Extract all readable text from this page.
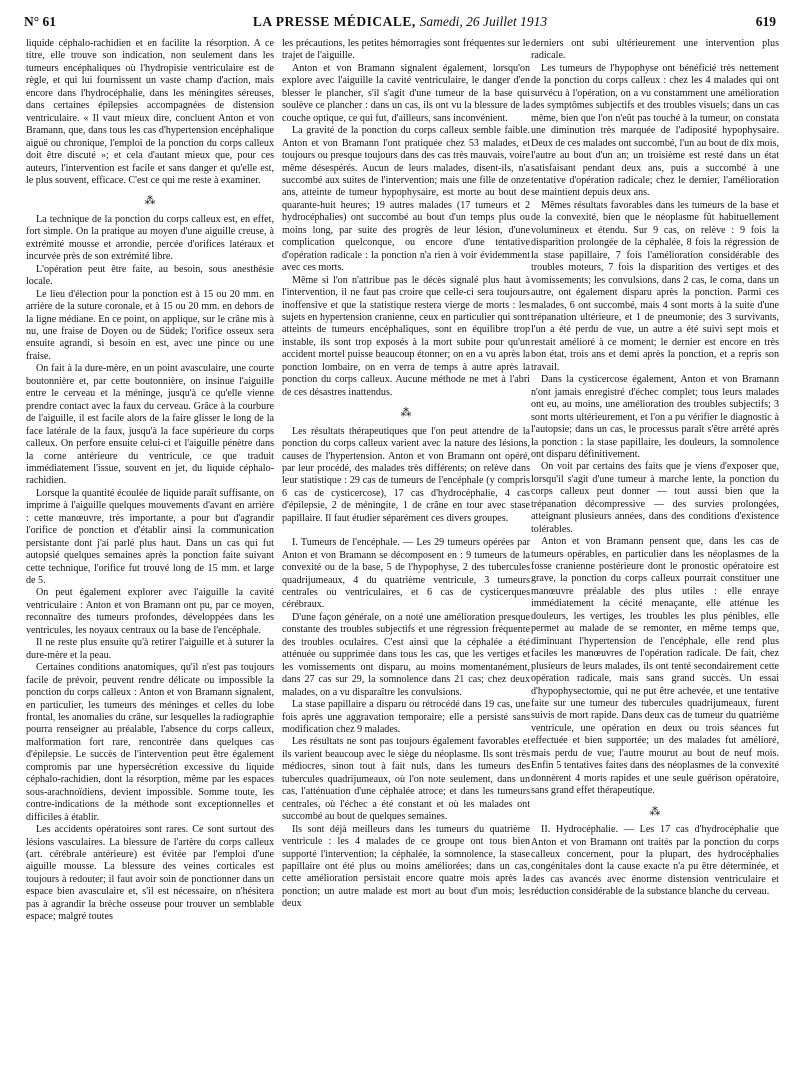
N° 61	LA PRESSE MÉDICALE, Samedi, 26 Juillet 1913	619

liquide céphalo-rachidien et en facilite la résorption. A ce titre, elle trouve son indication, non seulement dans les tumeurs encéphaliques où l'hydropisie ventriculaire est de règle, et qui lui fournissent un vaste champ d'action, mais encore dans l'hydrocéphalie, dans les méningites séreuses, dans certaines épilepsies accompagnées de distension ventriculaire. « Il vaut mieux dire, concluent Anton et von Bramann, que, dans tous les cas d'hypertension encéphalique aiguë ou chronique, l'emploi de la ponction du corps calleux doit être discuté »; et cela d'autant mieux que, pour ces auteurs, l'intervention est facile et sans danger et qu'elle est, le plus souvent, efficace. C'est ce qui me reste à examiner.

⁂

La technique de la ponction du corps calleux est, en effet, fort simple. On la pratique au moyen d'une aiguille creuse, à extrémité mousse et arrondie, percée d'orifices latéraux et incurvée près de son extrémité libre.

L'opération peut être faite, au besoin, sous anesthésie locale.

Le lieu d'élection pour la ponction est à 15 ou 20 mm. en arrière de la suture coronale, et à 15 ou 20 mm. en dehors de la ligne médiane. En ce point, on applique, sur le crâne mis à nu, une fraise de Doyen ou de Südek; l'orifice osseux sera ensuite agrandi, si besoin en est, avec une pince ou une fraise.

On fait à la dure-mère, en un point avasculaire, une courte boutonnière et, par cette boutonnière, on insinue l'aiguille entre le cerveau et la méninge, jusqu'à ce qu'elle vienne prendre contact avec la faux du cerveau. Grâce à la courbure de l'aiguille, il est facile alors de la faire glisser le long de la face latérale de la faux, jusqu'à la face supérieure du corps calleux. On perfore ensuite celui-ci et l'aiguille pénètre dans la corne antérieure du ventricule, ce que traduit immédiatement l'issue, souvent en jet, du liquide céphalo-rachidien.

Lorsque la quantité écoulée de liquide paraît suffisante, on imprime à l'aiguille quelques mouvements d'avant en arrière : cette manœuvre, très importante, a pour but d'agrandir l'orifice de ponction et d'établir ainsi la communication persistante dont j'ai parlé plus haut. Dans un cas qui fut autopsié quelques semaines après la ponction faite suivant cette technique, l'orifice fut trouvé long de 15 mm. et large de 5.

On peut également explorer avec l'aiguille la cavité ventriculaire : Anton et von Bramann ont pu, par ce moyen, reconnaître des tumeurs profondes, développées dans les ventricules, les noyaux centraux ou la base de l'encéphale.

Il ne reste plus ensuite qu'à retirer l'aiguille et à suturer la dure-mère et la peau.

Certaines conditions anatomiques, qu'il n'est pas toujours facile de prévoir, peuvent rendre délicate ou impossible la ponction du corps calleux : Anton et von Bramann signalent, en particulier, les tumeurs des méninges et celles du lobe frontal, les anomalies du crâne, sur lesquelles la radiographie pourra renseigner au préalable, l'absence du corps calleux, malformation fort rare, rencontrée dans quelques cas d'épilepsie. Le succès de l'intervention peut être également compromis par une hypersécrétion excessive du liquide céphalo-rachidien, dont la résorption, même par les espaces sous-arachnoïdiens, devient impossible. Somme toute, les contre-indications de la méthode sont exceptionnelles et difficiles à établir.

Les accidents opératoires sont rares. Ce sont surtout des lésions vasculaires. La blessure de l'artère du corps calleux (art. cérébrale antérieure) est évitée par l'emploi d'une aiguille mousse. La blessure des veines corticales est toujours à redouter; il faut avoir soin de ponctionner dans un espace bien avasculaire et, s'il est nécessaire, on n'hésitera pas à agrandir la brèche osseuse pour trouver un semblable espace; malgré toutes

les précautions, les petites hémorragies sont fréquentes sur le trajet de l'aiguille.

Anton et von Bramann signalent également, lorsqu'on explore avec l'aiguille la cavité ventriculaire, le danger d'en blesser le plancher, s'il s'agit d'une tumeur de la base qui soulève ce plancher : dans un cas, ils ont vu la blessure de la couche optique, ce qui fut, d'ailleurs, sans inconvénient.

La gravité de la ponction du corps calleux semble faible. Anton et von Bramann l'ont pratiquée chez 53 malades, et toujours ou presque toujours dans des cas très mauvais, voire même désespérés. Aucun de leurs malades, disent-ils, n'a succombé aux suites de l'intervention; mais une fille de onze ans, atteinte de tumeur hypophysaire, est morte au bout de quarante-huit heures; 19 autres malades (17 tumeurs et 2 hydrocéphalies) ont succombé au bout d'un temps plus ou moins long, par suite des progrès de leur lésion, d'une complication quelconque, ou encore d'une tentative d'opération radicale : la ponction n'a rien à voir évidemment avec ces morts.

Même si l'on n'attribue pas le décès signalé plus haut à l'intervention, il ne faut pas croire que celle-ci sera toujours inoffensive et que la statistique restera vierge de morts : les sujets en hypertension cranienne, ceux en particulier qui sont atteints de tumeurs encéphaliques, sont en équilibre trop instable, ils sont trop exposés à la mort subite pour qu'un accident mortel puisse beaucoup étonner; on en a vu après la ponction lombaire, on en verra de temps à autre après la ponction du corps calleux. Aucune méthode ne met à l'abri de ces désastres inattendus.

⁂

Les résultats thérapeutiques que l'on peut attendre de la ponction du corps calleux varient avec la nature des lésions, causes de l'hypertension. Anton et von Bramann ont opéré, par leur procédé, des malades très différents; on relève dans leur statistique : 29 cas de tumeurs de l'encéphale (y compris 6 cas de cysticercose), 17 cas d'hydrocéphalie, 4 cas d'épilepsie, 2 de méningite, 1 de crâne en tour avec stase papillaire. Il faut étudier séparément ces divers groupes.

I. Tumeurs de l'encéphale. — Les 29 tumeurs opérées par Anton et von Bramann se décomposent en : 9 tumeurs de la convexité ou de la base, 5 de l'hypophyse, 2 des tubercules quadrijumeaux, 4 du quatrième ventricule, 3 tumeurs centrales ou ventriculaires, et 6 cas de cysticerques cérébraux.

D'une façon générale, on a noté une amélioration presque constante des troubles subjectifs et une régression fréquente des troubles oculaires. C'est ainsi que la céphalée a été atténuée ou supprimée dans tous les cas, que les vertiges et les vomissements ont disparu, au moins momentanément, dans 27 cas sur 29, la somnolence dans 21 cas; chez deux malades, on a vu disparaître les convulsions.

La stase papillaire a disparu ou rétrocédé dans 19 cas, une fois après une aggravation temporaire; elle a persisté sans modification chez 9 malades.

Les résultats ne sont pas toujours également favorables et ils varient beaucoup avec le siège du néoplasme. Ils sont très médiocres, sinon tout à fait nuls, dans les tumeurs des tubercules quadrijumeaux, où l'on note seulement, dans un cas, l'atténuation d'une céphalée atroce; et dans les tumeurs centrales, où l'échec a été constant et où les malades ont succombé au bout de quelques semaines.

Ils sont déjà meilleurs dans les tumeurs du quatrième ventricule : les 4 malades de ce groupe ont tous bien supporté l'intervention; la céphalée, la somnolence, la stase papillaire ont été plus ou moins améliorées; dans un cas, cette amélioration persistait encore quatre mois après la ponction; un autre malade est mort au bout d'un mois; les deux

derniers ont subi ultérieurement une intervention plus radicale.

Les tumeurs de l'hypophyse ont bénéficié très nettement de la ponction du corps calleux : chez les 4 malades qui ont survécu à l'opération, on a vu constamment une amélioration des symptômes subjectifs et des troubles visuels; dans un cas même, bien que l'on n'eût pas touché à la tumeur, on constata une diminution très marquée de l'adiposité hypophysaire. Deux de ces malades ont succombé, l'un au bout de dix mois, l'autre au bout d'un an; un troisième est resté dans un état satisfaisant pendant deux ans, puis a succombé à une tentative d'opération radicale; chez le dernier, l'amélioration se maintient depuis deux ans.

Mêmes résultats favorables dans les tumeurs de la base et de la convexité, bien que le néoplasme fût habituellement volumineux et étendu. Sur 9 cas, on relève : 9 fois la disparition prolongée de la céphalée, 8 fois la régression de la stase papillaire, 7 fois l'amélioration considérable des troubles moteurs, 7 fois la disparition des vertiges et des vomissements; les convulsions, dans 2 cas, le coma, dans un autre, ont également disparu après la ponction. Parmi ces malades, 6 ont succombé, mais 4 sont morts à la suite d'une trépanation ultérieure, et 1 de pneumonie; des 3 survivants, l'un a été perdu de vue, un autre a été suivi sept mois et restait amélioré à ce moment; le dernier est encore en très bon état, trois ans et demi après la ponction, et a repris son travail.

Dans la cysticercose également, Anton et von Bramann n'ont jamais enregistré d'échec complet; tous leurs malades ont eu, au moins, une amélioration des troubles subjectifs; 3 sont morts ultérieurement, et l'on a pu vérifier le diagnostic à l'autopsie; dans un cas, le processus paraît s'être arrêté après la ponction : la stase papillaire, les douleurs, la somnolence ont disparu définitivement.

On voit par certains des faits que je viens d'exposer que, lorsqu'il s'agit d'une tumeur à marche lente, la ponction du corps calleux peut donner — tout aussi bien que la trépanation décompressive — des survies prolongées, atteignant plusieurs années, dans des conditions d'existence tolérables.

Anton et von Bramann pensent que, dans les cas de tumeurs opérables, en particulier dans les néoplasmes de la fosse cranienne postérieure dont le pronostic opératoire est grave, la ponction du corps calleux pourrait constituer une manœuvre préalable des plus utiles : elle enraye immédiatement la cécité menaçante, elle atténue les douleurs, les vertiges, les troubles les plus pénibles, elle permet au malade de se remonter, en même temps que, diminuant l'hypertension de l'encéphale, elle rend plus faciles les manœuvres de l'opération radicale. De fait, chez plusieurs de leurs malades, ils ont tenté secondairement cette opération radicale, mais sans grand succès. Un essai d'hypophysectomie, qui ne put être achevée, et une tentative faite sur une tumeur des tubercules quadrijumeaux, furent suivis de mort rapide. Dans deux cas de tumeur du quatrième ventricule, une opération en deux ou trois séances fut effectuée et bien supportée; un des malades fut amélioré, mais perdu de vue; l'autre mourut au bout de neuf mois. Enfin 5 tentatives faites dans des néoplasmes de la convexité donnèrent 4 morts rapides et une seule guérison opératoire, sans grand effet thérapeutique.

⁂

II. Hydrocéphalie. — Les 17 cas d'hydrocéphalie que Anton et von Bramann ont traités par la ponction du corps calleux concernent, pour la plupart, des hydrocéphalies congénitales dont la cause exacte n'a pu être déterminée, et des cas avancés avec énorme distension ventriculaire et réduction considérable de la substance blanche du cerveau.
